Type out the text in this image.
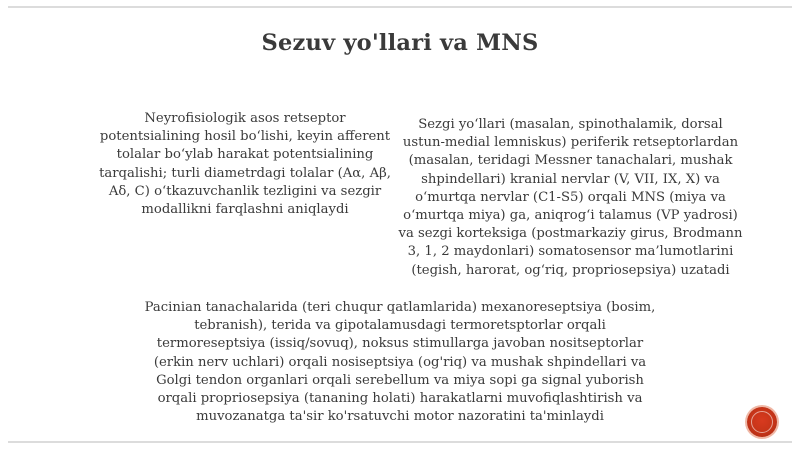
Sezuv yo'llari va MNS
Neyrofisiologik asos retseptor potentsialining hosil bo‘lishi, keyin afferent tolalar bo‘ylab harakat potentsialining tarqalishi; turli diametrdagi tolalar (Aα, Aβ, Aδ, C) o‘tkazuvchanlik tezligini va sezgir modallikni farqlashni aniqlaydi
Sezgi yo‘llari (masalan, spinothalamik, dorsal ustun-medial lemniskus) periferik retseptorlardan (masalan, teridagi Messner tanachalari, mushak shpindellari) kranial nervlar (V, VII, IX, X) va o‘murtqa nervlar (C1-S5) orqali MNS (miya va o‘murtqa miya) ga, aniqrog‘i talamus (VP yadrosi) va sezgi korteksiga (postmarkaziy girus, Brodmann 3, 1, 2 maydonlari) somatosensor ma’lumotlarini (tegish, harorat, og‘riq, propriosepsiya) uzatadi
Pacinian tanachalarida (teri chuqur qatlamlarida) mexanoreseptsiya (bosim, tebranish), terida va gipotalamusdagi termoretsptorlar orqali termoreseptsiya (issiq/sovuq), noksus stimullarga javoban nositseptorlar (erkin nerv uchlari) orqali nosiseptsiya (og'riq) va mushak shpindellari va Golgi tendon organlari orqali serebellum va miya sopi ga signal yuborish orqali propriosepsiya (tananing holati) harakatlarni muvofiqlashtirish va muvozanatga ta'sir ko'rsatuvchi motor nazoratini ta'minlaydi
